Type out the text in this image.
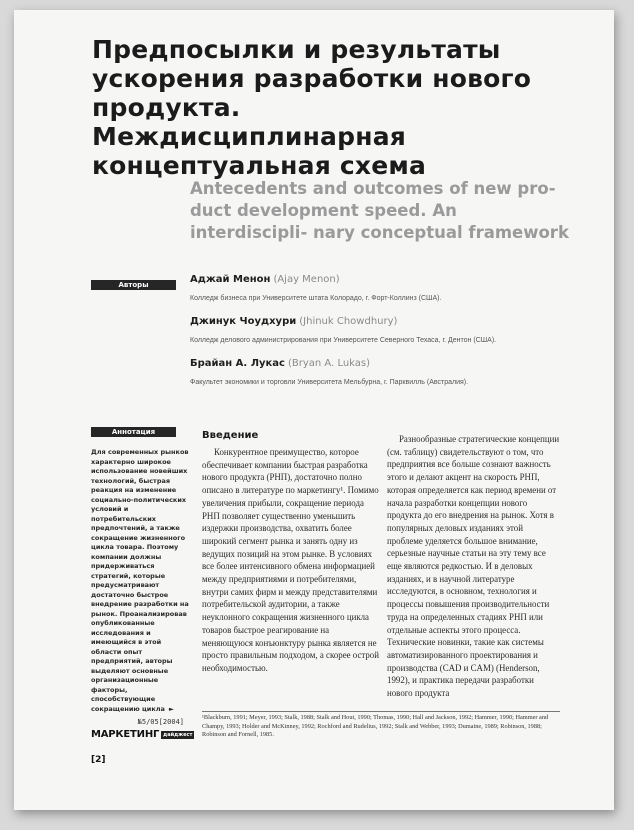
Предпосылки и результаты ускорения разработки нового продукта. Междисциплинарная концептуальная схема
Antecedents and outcomes of new pro- duct development speed. An interdiscipli- nary conceptual framework
Авторы	Аджай Менон (Ajay Menon)
Колледж бизнеса при Университете штата Колорадо, г. Форт-Коллинз (США).
Джинук Чоудхури (Jhinuk Chowdhury)
Колледж делового администрирования при Университете Северного Техаса, г. Дентон (США).
Брайан А. Лукас (Bryan A. Lukas)
Факультет экономики и торговли Университета Мельбурна, г. Парквилль (Австралия).
Аннотация

Для современных рынков характерно широкое использование новейших технологий, быстрая реакция на изменение социально-политических условий и потребительских предпочтений, а также сокращение жизненного цикла товара. Поэтому компании должны придерживаться стратегий, которые предусматривают достаточно быстрое внедрение разработки на рынок. Проанализировав опубликованные исследования и имеющийся в этой области опыт предприятий, авторы выделяют основные организационные факторы, способствующие сокращению цикла ►

№5/05[2004]
МАРКЕТИНГ дайджест
[2]
Введение

Конкурентное преимущество, которое обеспечивает компании быстрая разработка нового продукта (РНП), достаточно полно описано в литературе по маркетингу¹. Помимо увеличения прибыли, сокращение периода РНП позволяет существенно уменьшить издержки производства, охватить более широкий сегмент рынка и занять одну из ведущих позиций на этом рынке. В условиях все более интенсивного обмена информацией между предприятиями и потребителями, внутри самих фирм и между представителями потребительской аудитории, а также неуклонного сокращения жизненного цикла товаров быстрое реагирование на меняющуюся конъюнктуру рынка является не просто правильным подходом, а скорее острой необходимостью.

Разнообразные стратегические концепции (см. таблицу) свидетельствуют о том, что предприятия все больше сознают важность этого и делают акцент на скорость РНП, которая определяется как период времени от начала разработки концепции нового продукта до его внедрения на рынок. Хотя в популярных деловых изданиях этой проблеме уделяется большое внимание, серьезные научные статьи на эту тему все еще являются редкостью. И в деловых изданиях, и в научной литературе исследуются, в основном, технология и процессы повышения производительности труда на определенных стадиях РНП или отдельные аспекты этого процесса. Технические новинки, такие как системы автоматизированного проектирования и производства (CAD и CAM) (Henderson, 1992), и практика передачи разработки нового продукта

¹Blackburn, 1991; Meyer, 1993; Stalk, 1988; Stalk and Hout, 1990; Thomas, 1990; Hall and Jackson, 1992; Hammer, 1990; Hammer and Champy, 1993; Holder and McKinney, 1992; Rochford and Rudelius, 1992; Stalk and Webber, 1993; Dumaine, 1989; Robinson, 1988; Robinson and Fornell, 1985.
